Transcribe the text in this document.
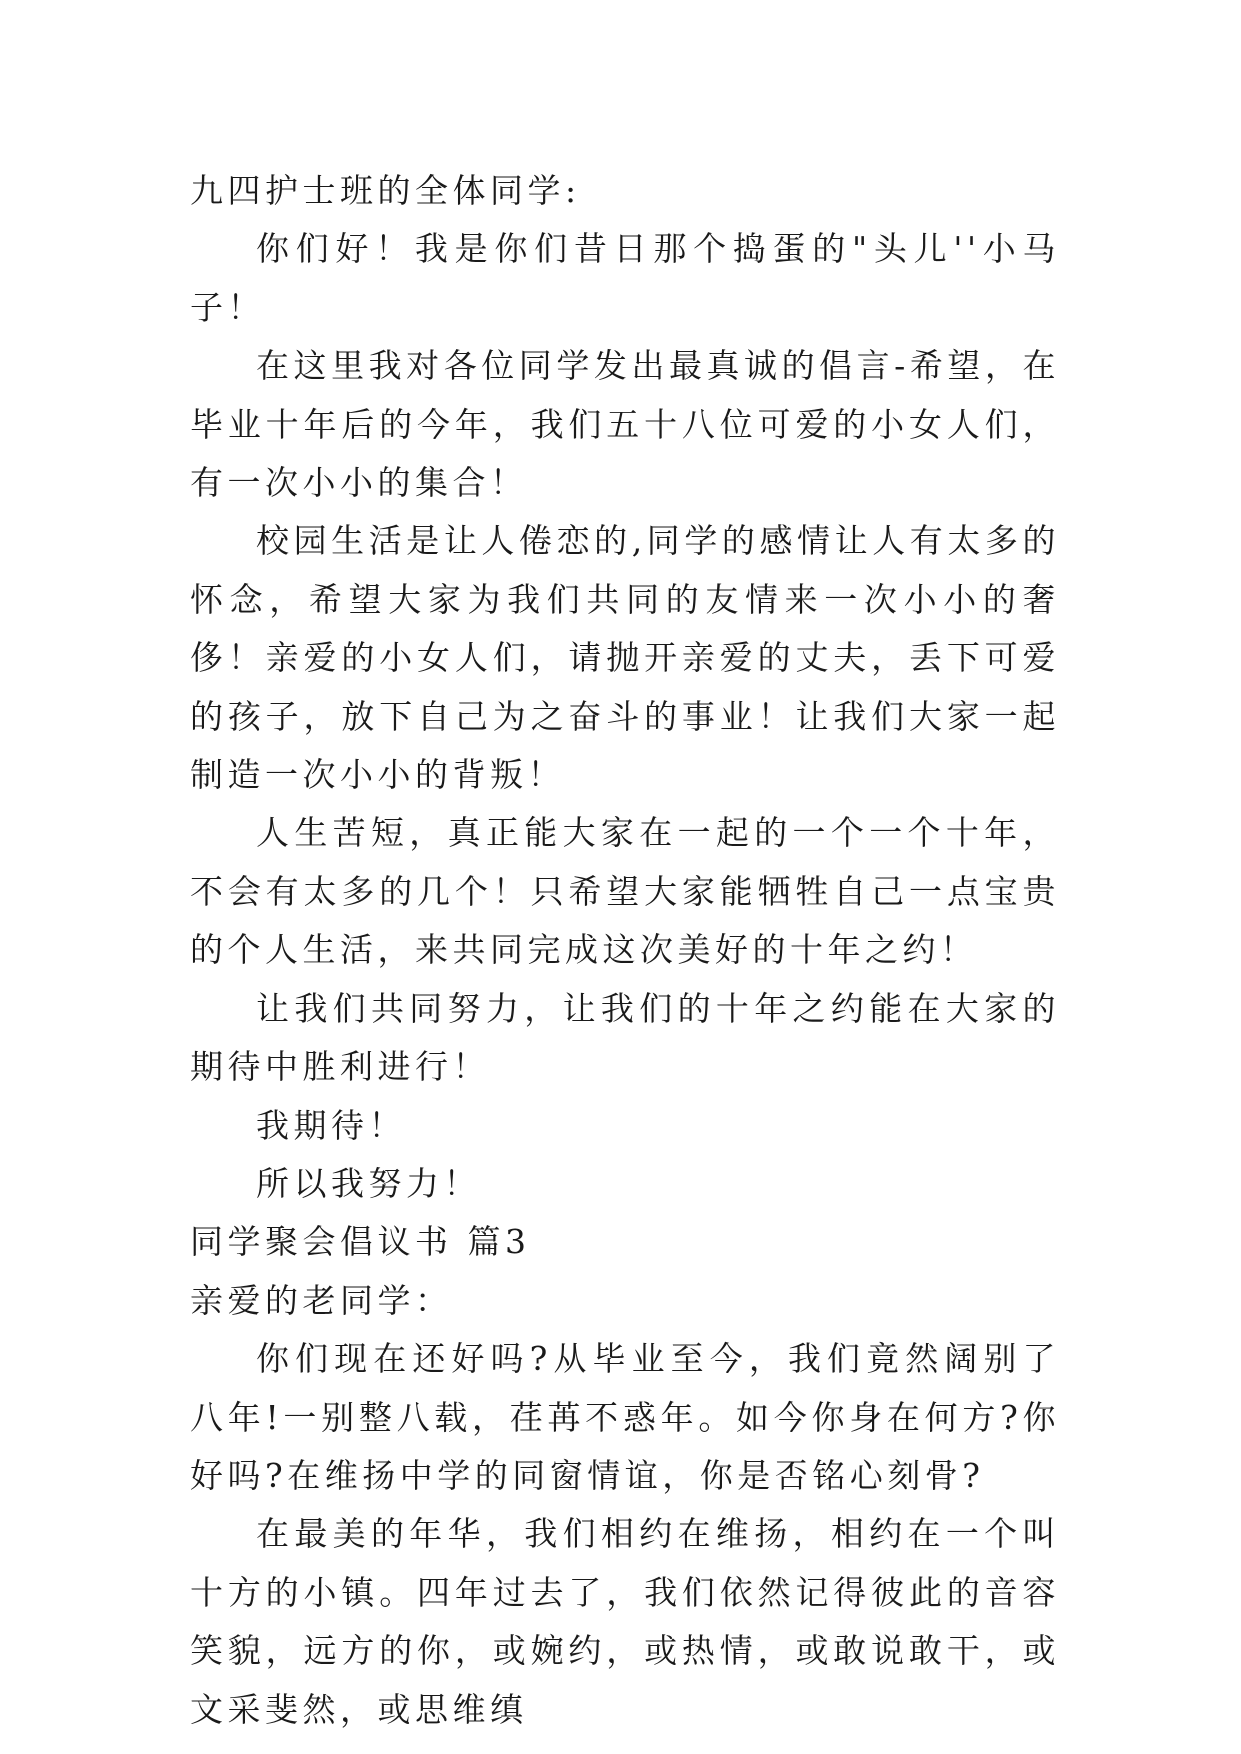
九四护士班的全体同学:

你们好！我是你们昔日那个捣蛋的"头儿''小马子！

在这里我对各位同学发出最真诚的倡言-希望，在毕业十年后的今年，我们五十八位可爱的小女人们，有一次小小的集合！

校园生活是让人倦恋的,同学的感情让人有太多的怀念，希望大家为我们共同的友情来一次小小的奢侈！亲爱的小女人们，请抛开亲爱的丈夫，丢下可爱的孩子，放下自己为之奋斗的事业！让我们大家一起制造一次小小的背叛！

人生苦短，真正能大家在一起的一个一个十年，不会有太多的几个！只希望大家能牺牲自己一点宝贵的个人生活，来共同完成这次美好的十年之约！

让我们共同努力，让我们的十年之约能在大家的期待中胜利进行！

我期待！

所以我努力！

同学聚会倡议书 篇3

亲爱的老同学：

你们现在还好吗?从毕业至今，我们竟然阔别了八年!一别整八载，荏苒不惑年。如今你身在何方?你好吗?在维扬中学的同窗情谊，你是否铭心刻骨?

在最美的年华，我们相约在维扬，相约在一个叫十方的小镇。四年过去了，我们依然记得彼此的音容笑貌，远方的你，或婉约，或热情，或敢说敢干，或文采斐然，或思维缜
